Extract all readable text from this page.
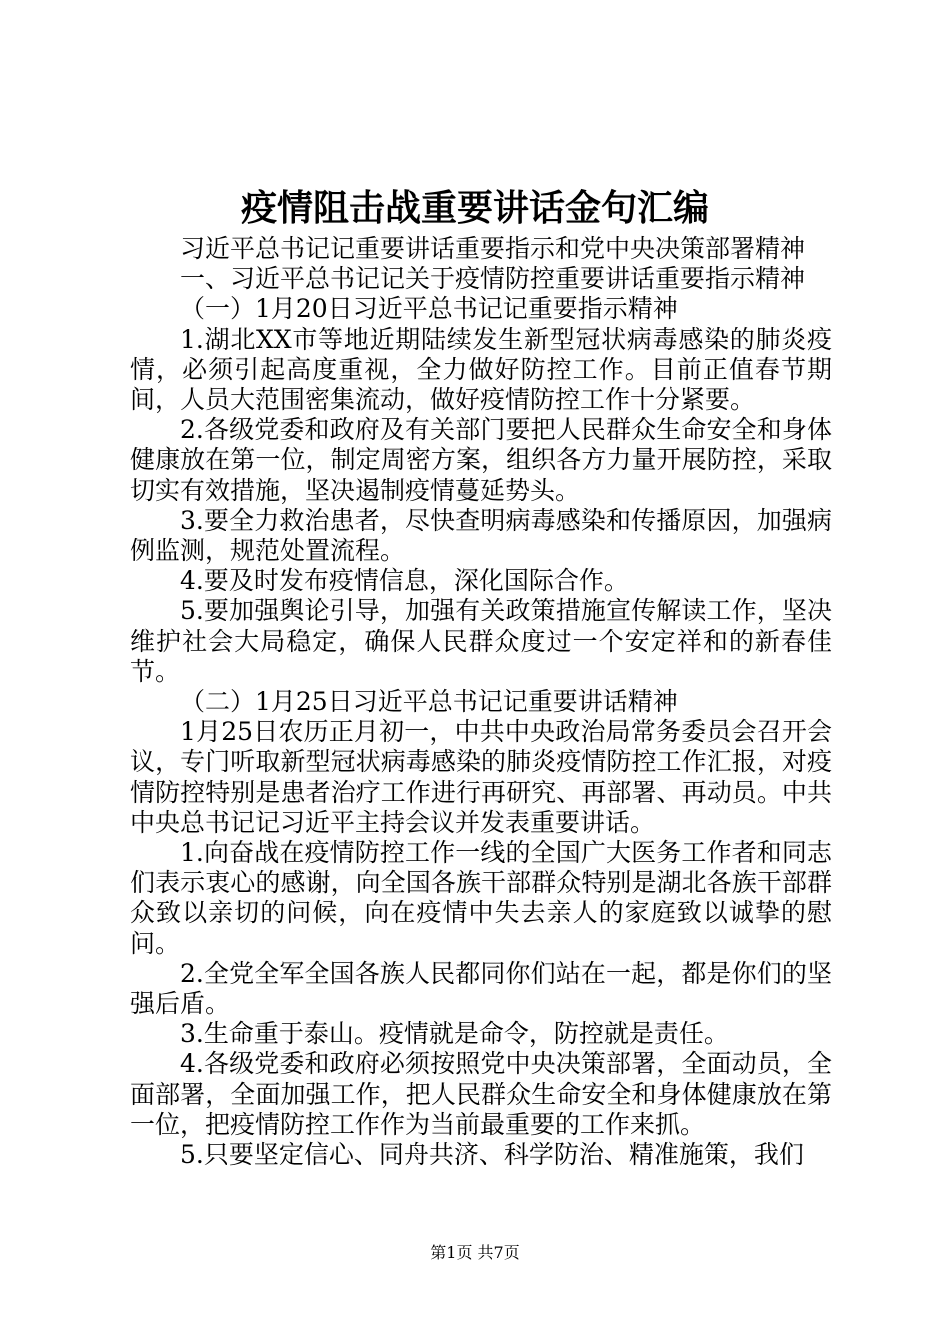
疫情阻击战重要讲话金句汇编

习近平总书记记重要讲话重要指示和党中央决策部署精神

一、习近平总书记记关于疫情防控重要讲话重要指示精神

（一）1月20日习近平总书记记重要指示精神

1.湖北XX市等地近期陆续发生新型冠状病毒感染的肺炎疫情，必须引起高度重视，全力做好防控工作。目前正值春节期间，人员大范围密集流动，做好疫情防控工作十分紧要。

2.各级党委和政府及有关部门要把人民群众生命安全和身体健康放在第一位，制定周密方案，组织各方力量开展防控，采取切实有效措施，坚决遏制疫情蔓延势头。

3.要全力救治患者，尽快查明病毒感染和传播原因，加强病例监测，规范处置流程。

4.要及时发布疫情信息，深化国际合作。

5.要加强舆论引导，加强有关政策措施宣传解读工作，坚决维护社会大局稳定，确保人民群众度过一个安定祥和的新春佳节。

（二）1月25日习近平总书记记重要讲话精神

1月25日农历正月初一，中共中央政治局常务委员会召开会议，专门听取新型冠状病毒感染的肺炎疫情防控工作汇报，对疫情防控特别是患者治疗工作进行再研究、再部署、再动员。中共中央总书记记习近平主持会议并发表重要讲话。

1.向奋战在疫情防控工作一线的全国广大医务工作者和同志们表示衷心的感谢，向全国各族干部群众特别是湖北各族干部群众致以亲切的问候，向在疫情中失去亲人的家庭致以诚挚的慰问。

2.全党全军全国各族人民都同你们站在一起，都是你们的坚强后盾。

3.生命重于泰山。疫情就是命令，防控就是责任。

4.各级党委和政府必须按照党中央决策部署，全面动员，全面部署，全面加强工作，把人民群众生命安全和身体健康放在第一位，把疫情防控工作作为当前最重要的工作来抓。

5.只要坚定信心、同舟共济、科学防治、精准施策，我们

第1页 共7页
